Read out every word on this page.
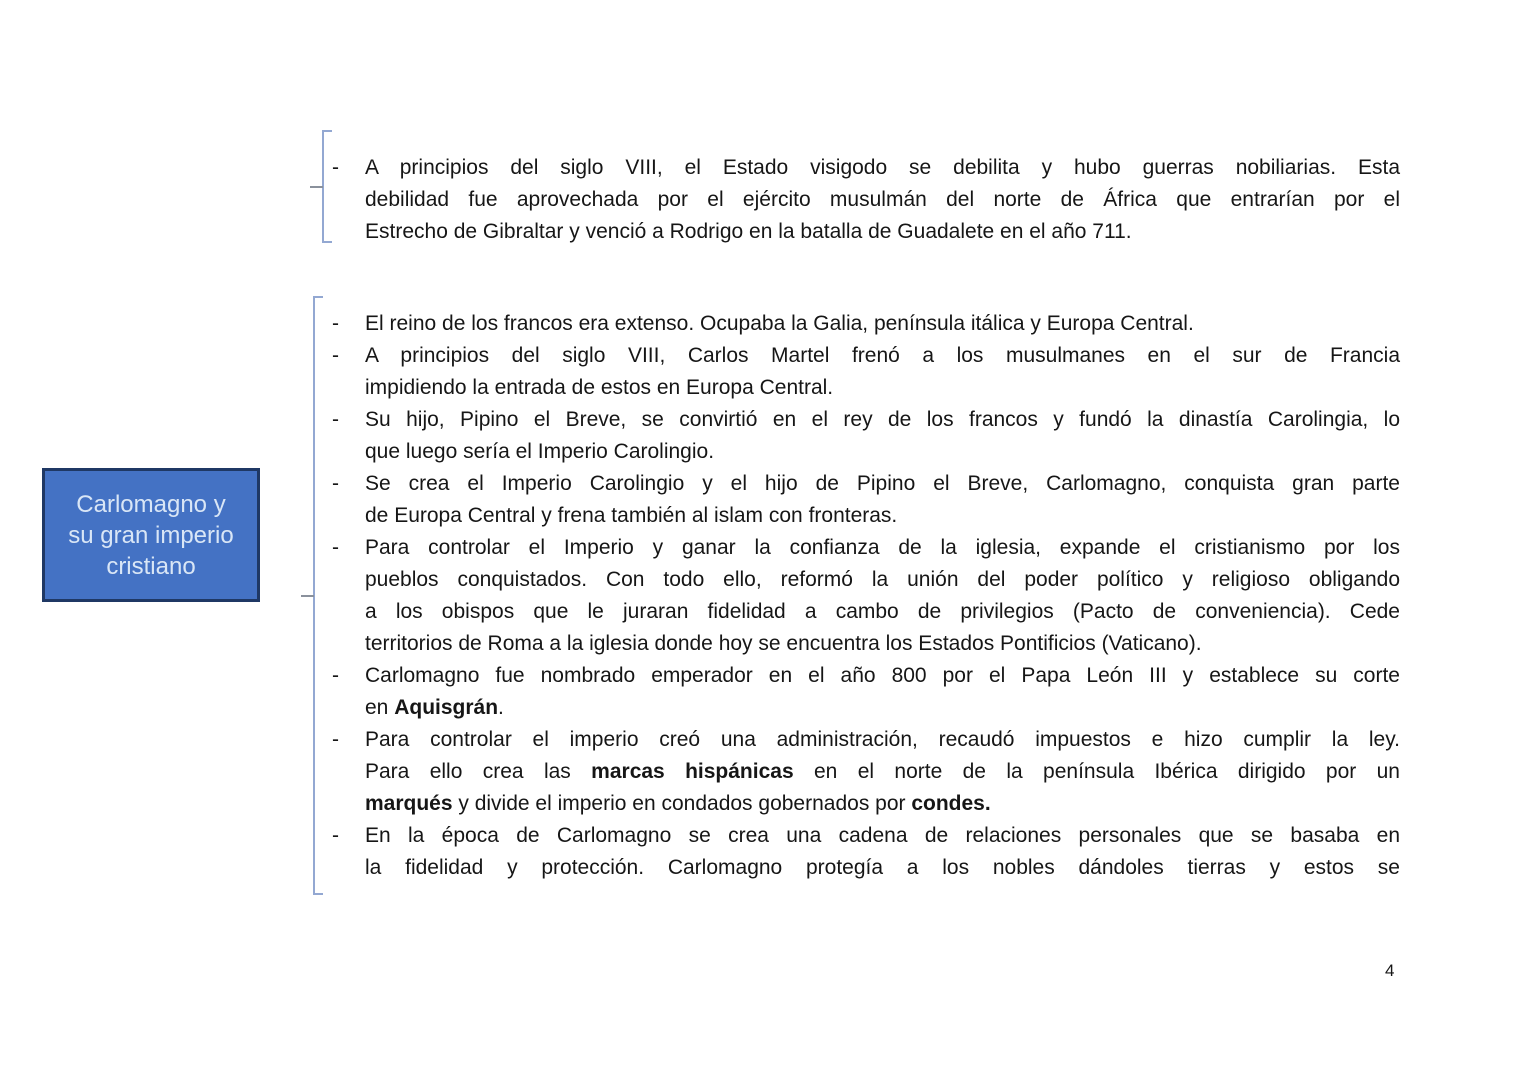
Carlomagno y
su gran imperio
cristiano
-	A principios del siglo VIII, el Estado visigodo se debilita y hubo guerras nobiliarias. Esta
debilidad fue aprovechada por el ejército musulmán del norte de África que entrarían por el
Estrecho de Gibraltar y venció a Rodrigo en la batalla de Guadalete en el año 711.
-	El reino de los francos era extenso. Ocupaba la Galia, península itálica y Europa Central.
-	A principios del siglo VIII, Carlos Martel frenó a los musulmanes en el sur de Francia
impidiendo la entrada de estos en Europa Central.
-	Su hijo, Pipino el Breve, se convirtió en el rey de los francos y fundó la dinastía Carolingia, lo
que luego sería el Imperio Carolingio.
-	Se crea el Imperio Carolingio y el hijo de Pipino el Breve, Carlomagno, conquista gran parte
de Europa Central y frena también al islam con fronteras.
-	Para controlar el Imperio y ganar la confianza de la iglesia, expande el cristianismo por los
pueblos conquistados. Con todo ello, reformó la unión del poder político y religioso obligando
a los obispos que le juraran fidelidad a cambo de privilegios (Pacto de conveniencia). Cede
territorios de Roma a la iglesia donde hoy se encuentra los Estados Pontificios (Vaticano).
-	Carlomagno fue nombrado emperador en el año 800 por el Papa León III y establece su corte
en Aquisgrán.
-	Para controlar el imperio creó una administración, recaudó impuestos e hizo cumplir la ley.
Para ello crea las marcas hispánicas en el norte de la península Ibérica dirigido por un
marqués y divide el imperio en condados gobernados por condes.
-	En la época de Carlomagno se crea una cadena de relaciones personales que se basaba en
la fidelidad y protección. Carlomagno protegía a los nobles dándoles tierras y estos se
4
